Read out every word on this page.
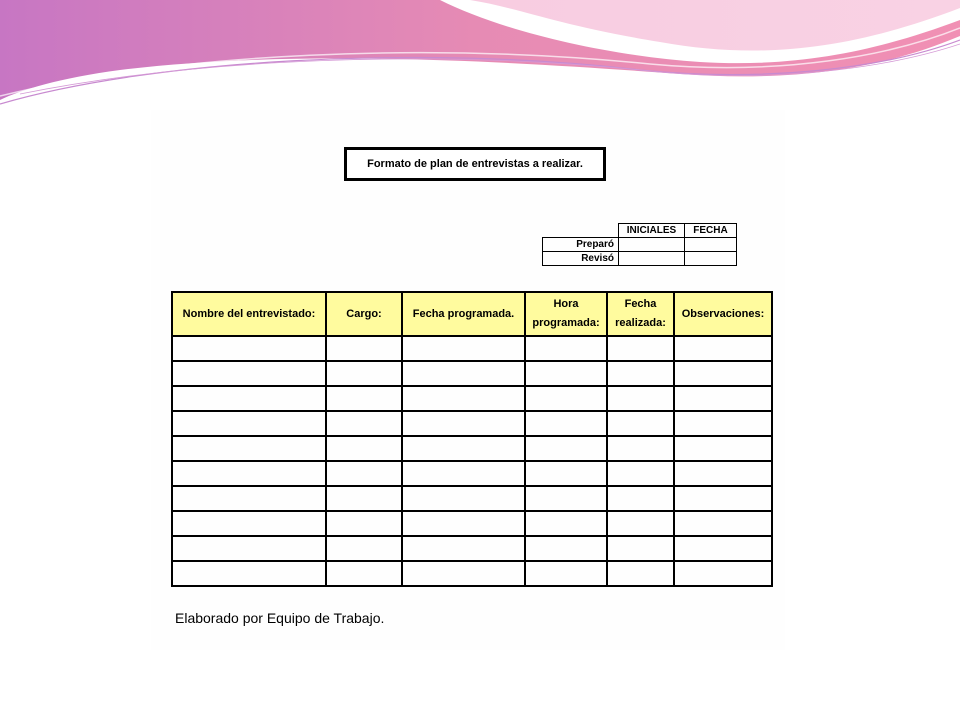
Formato de plan de entrevistas a realizar.
	INICIALES	FECHA
Preparó		
Revisó		
Nombre del entrevistado:	Cargo:	Fecha programada.	Hora programada:	Fecha realizada:	Observaciones:

Elaborado por Equipo de Trabajo.
